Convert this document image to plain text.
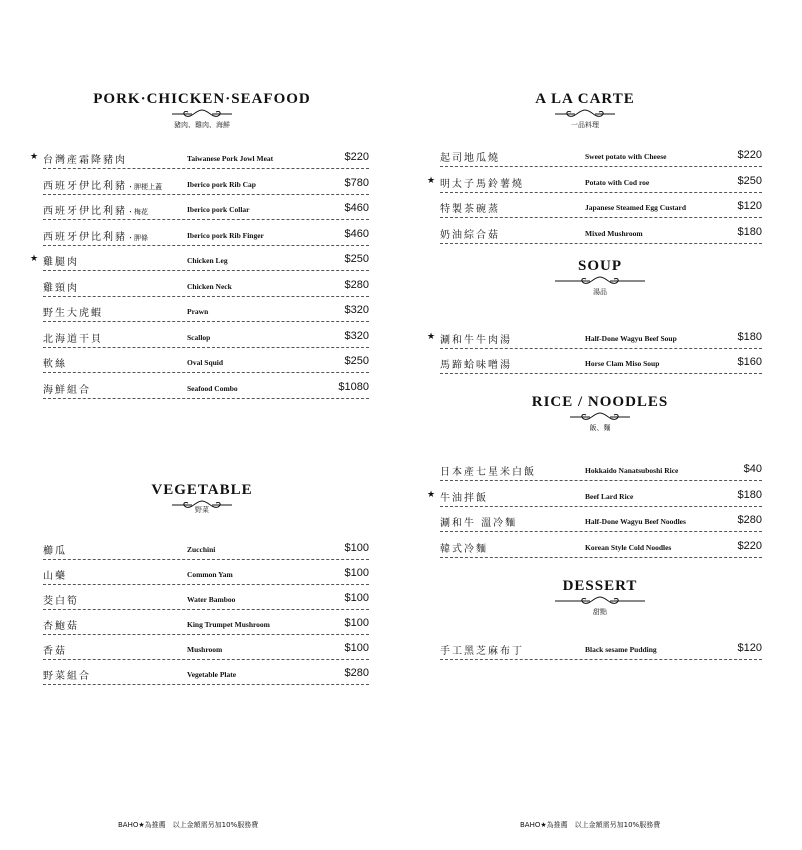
PORK·CHICKEN·SEAFOOD
豬肉、雞肉、海鮮
VEGETABLE
野菜
A LA CARTE
一品料理
SOUP
湯品
RICE / NOODLES
飯、麵
DESSERT
甜點
★ 台灣產霜降豬肉	Taiwanese Pork Jowl Meat	$220
西班牙伊比利豬・胛梗上蓋	Iberico pork Rib Cap	$780
西班牙伊比利豬・梅花	Iberico pork Collar	$460
西班牙伊比利豬・胛條	Iberico pork Rib Finger	$460
★ 雞腿肉	Chicken Leg	$250
雞頸肉	Chicken Neck	$280
野生大虎蝦	Prawn	$320
北海道干貝	Scallop	$320
軟絲	Oval Squid	$250
海鮮組合	Seafood Combo	$1080
櫛瓜	Zucchini	$100
山藥	Common Yam	$100
茭白筍	Water Bamboo	$100
杏鮑菇	King Trumpet Mushroom	$100
香菇	Mushroom	$100
野菜組合	Vegetable Plate	$280
起司地瓜燒	Sweet potato with Cheese	$220
★ 明太子馬鈴薯燒	Potato with Cod roe	$250
特製茶碗蒸	Japanese Steamed Egg Custard	$120
奶油綜合菇	Mixed Mushroom	$180
★ 涮和牛牛肉湯	Half-Done Wagyu Beef Soup	$180
馬蹄蛤味噌湯	Horse Clam Miso Soup	$160
日本產七星米白飯	Hokkaido Nanatsuboshi Rice	$40
★ 牛油拌飯	Beef Lard Rice	$180
涮和牛 溫冷麵	Half-Done Wagyu Beef Noodles	$280
韓式冷麵	Korean Style Cold Noodles	$220
手工黑芝麻布丁	Black sesame Pudding	$120
BAHO★為推薦　以上金額需另加10%服務費	BAHO★為推薦　以上金額需另加10%服務費
